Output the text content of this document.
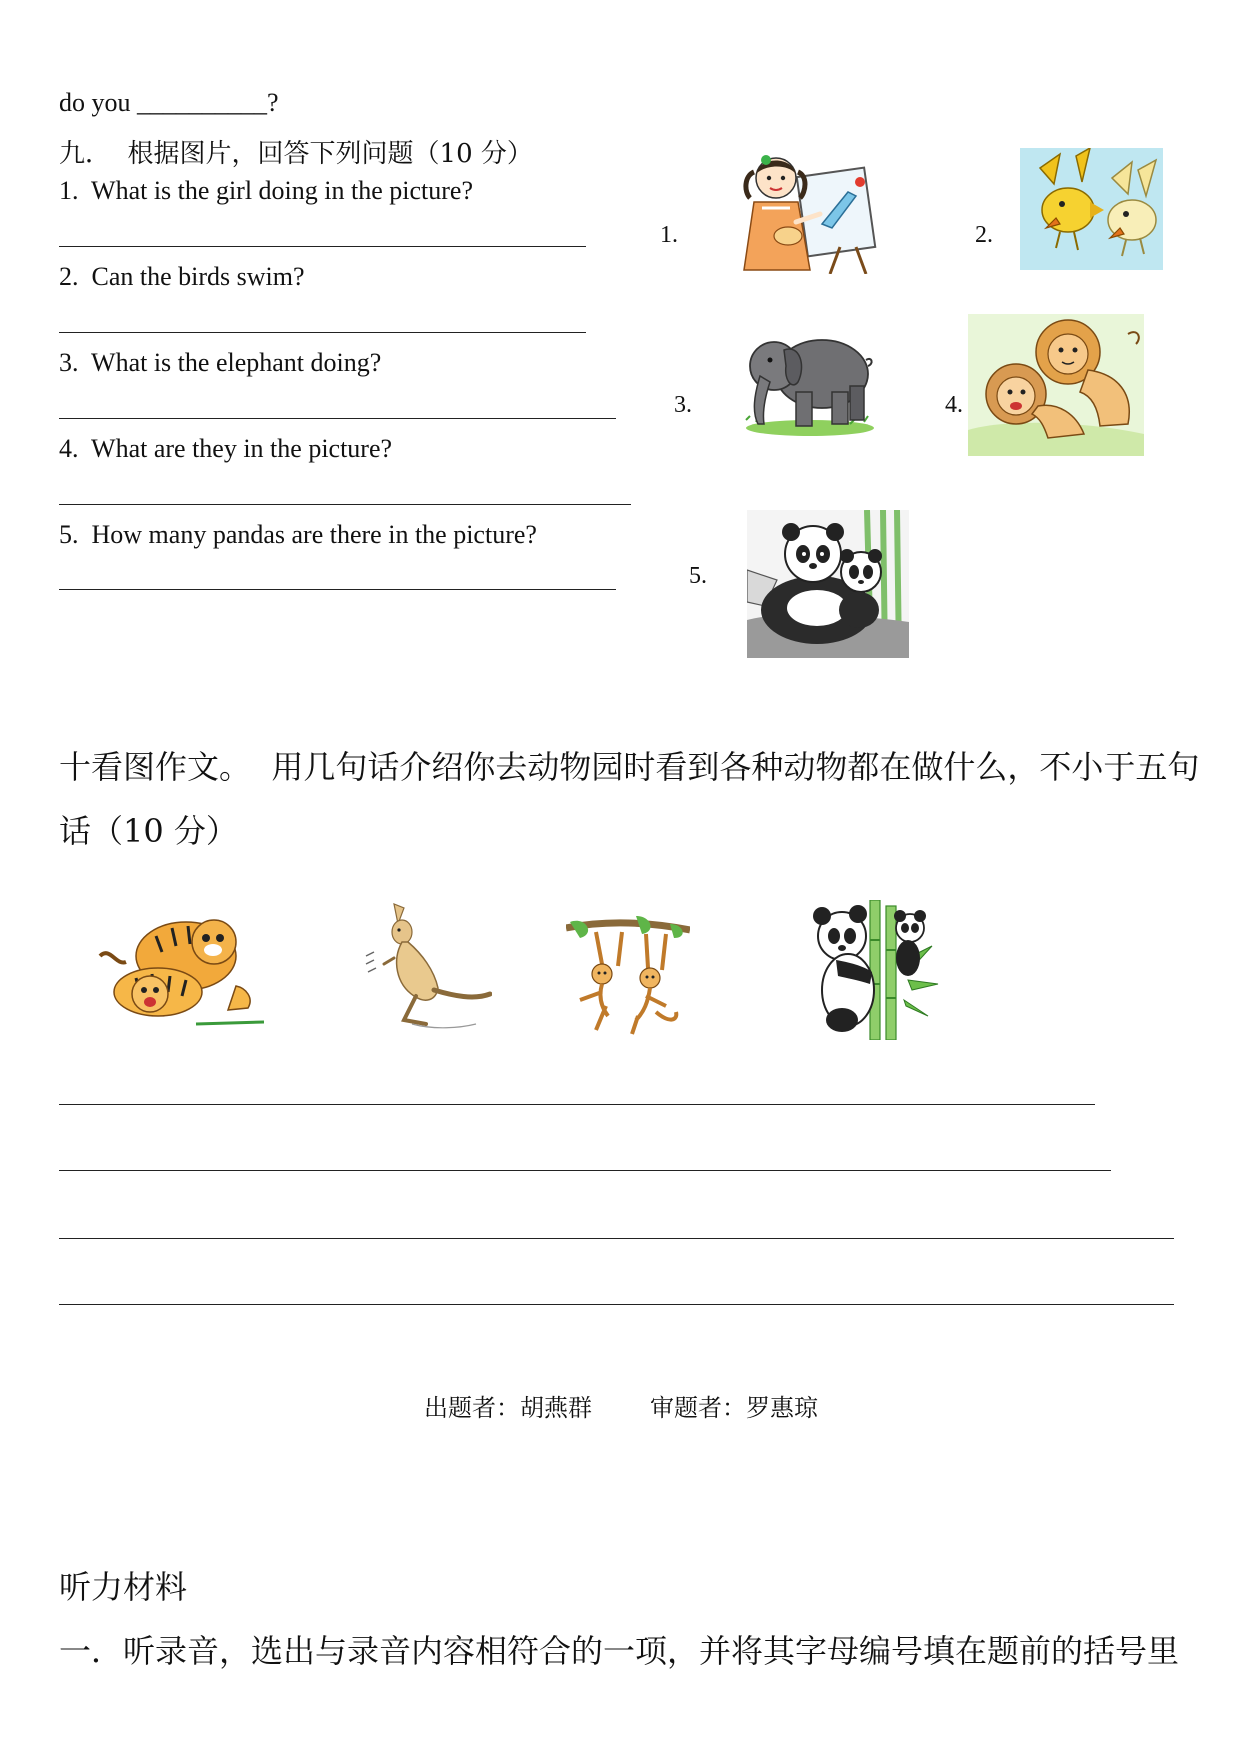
do you __________?
九．  根据图片，回答下列问题（10 分）
1.  What is the girl doing in the picture?
2.  Can the birds swim?
3.  What is the elephant doing?
4.  What are they in the picture?
5.  How many pandas are there in the picture?
1.	2.
3.	4.
5.
十看图作文。  用几句话介绍你去动物园时看到各种动物都在做什么，不小于五句
话（10 分）
出题者：胡燕群 审题者：罗惠琼
听力材料
一．听录音，选出与录音内容相符合的一项，并将其字母编号填在题前的括号里
